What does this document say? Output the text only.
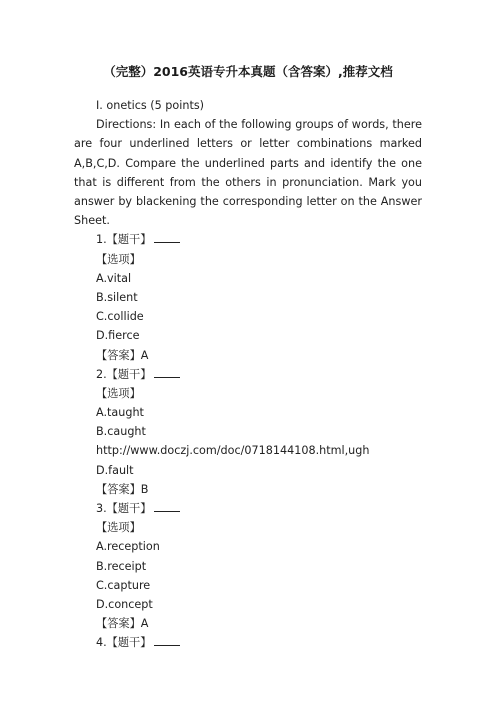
（完整）2016英语专升本真题（含答案）,推荐文档
I. onetics (5 points)
Directions: In each of the following groups of words, there are four underlined letters or letter combinations marked A,B,C,D. Compare the underlined parts and identify the one that is different from the others in pronunciation. Mark you answer by blackening the corresponding letter on the Answer Sheet.
1.【题干】
【选项】
A.vital
B.silent
C.collide
D.fierce
【答案】A
2.【题干】
【选项】
A.taught
B.caught
http://www.doczj.com/doc/0718144108.html,ugh
D.fault
【答案】B
3.【题干】
【选项】
A.reception
B.receipt
C.capture
D.concept
【答案】A
4.【题干】
